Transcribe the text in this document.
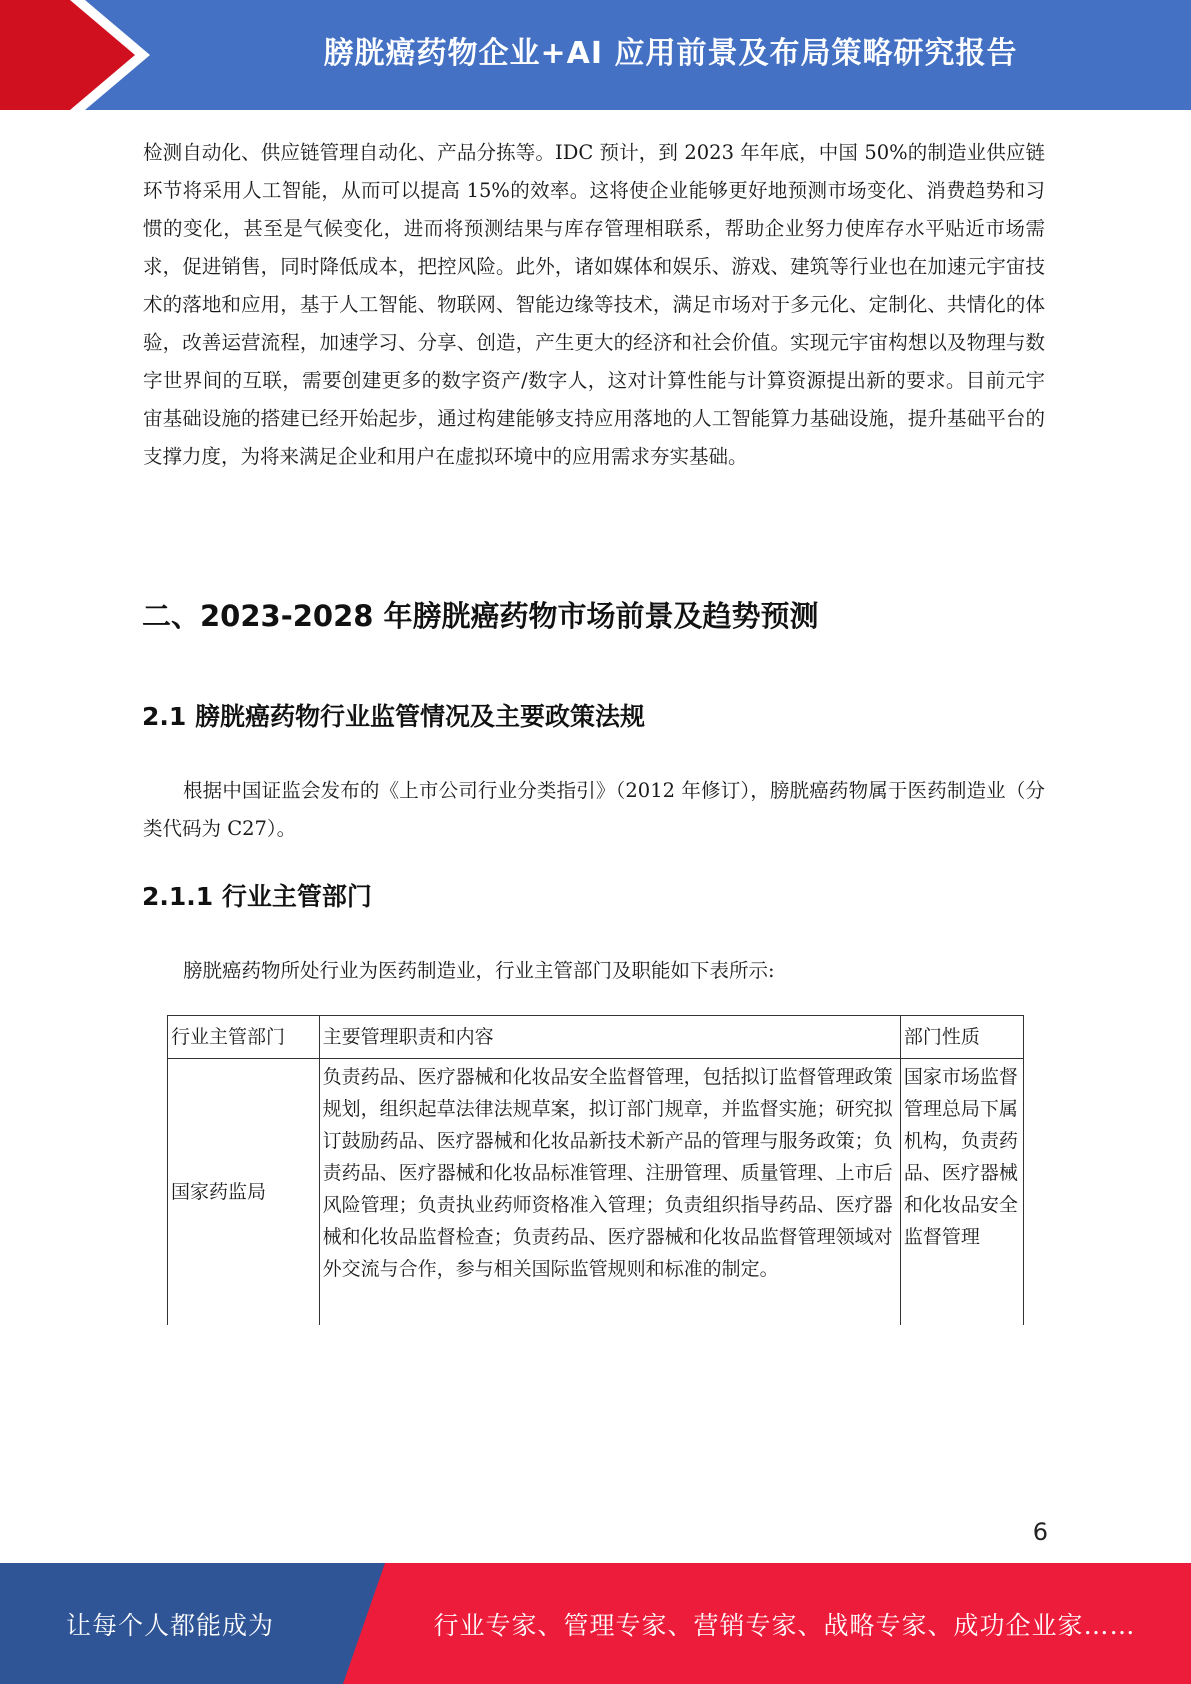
膀胱癌药物企业+AI 应用前景及布局策略研究报告

检测自动化、供应链管理自动化、产品分拣等。IDC 预计，到 2023 年年底，中国 50%的制造业供应链环节将采用人工智能，从而可以提高 15%的效率。这将使企业能够更好地预测市场变化、消费趋势和习惯的变化，甚至是气候变化，进而将预测结果与库存管理相联系，帮助企业努力使库存水平贴近市场需求，促进销售，同时降低成本，把控风险。此外，诸如媒体和娱乐、游戏、建筑等行业也在加速元宇宙技术的落地和应用，基于人工智能、物联网、智能边缘等技术，满足市场对于多元化、定制化、共情化的体验，改善运营流程，加速学习、分享、创造，产生更大的经济和社会价值。实现元宇宙构想以及物理与数字世界间的互联，需要创建更多的数字资产/数字人，这对计算性能与计算资源提出新的要求。目前元宇宙基础设施的搭建已经开始起步，通过构建能够支持应用落地的人工智能算力基础设施，提升基础平台的支撑力度，为将来满足企业和用户在虚拟环境中的应用需求夯实基础。

二、2023-2028 年膀胱癌药物市场前景及趋势预测
2.1 膀胱癌药物行业监管情况及主要政策法规

根据中国证监会发布的《上市公司行业分类指引》（2012 年修订），膀胱癌药物属于医药制造业（分类代码为 C27）。

2.1.1 行业主管部门

膀胱癌药物所处行业为医药制造业，行业主管部门及职能如下表所示:

行业主管部门	主要管理职责和内容	部门性质
国家药监局	负责药品、医疗器械和化妆品安全监督管理，包括拟订监督管理政策规划，组织起草法律法规草案，拟订部门规章，并监督实施；研究拟订鼓励药品、医疗器械和化妆品新技术新产品的管理与服务政策；负责药品、医疗器械和化妆品标准管理、注册管理、质量管理、上市后风险管理；负责执业药师资格准入管理；负责组织指导药品、医疗器械和化妆品监督检查；负责药品、医疗器械和化妆品监督管理领域对外交流与合作，参与相关国际监管规则和标准的制定。	国家市场监督管理总局下属机构，负责药品、医疗器械和化妆品安全监督管理
6
让每个人都能成为	行业专家、管理专家、营销专家、战略专家、成功企业家……
